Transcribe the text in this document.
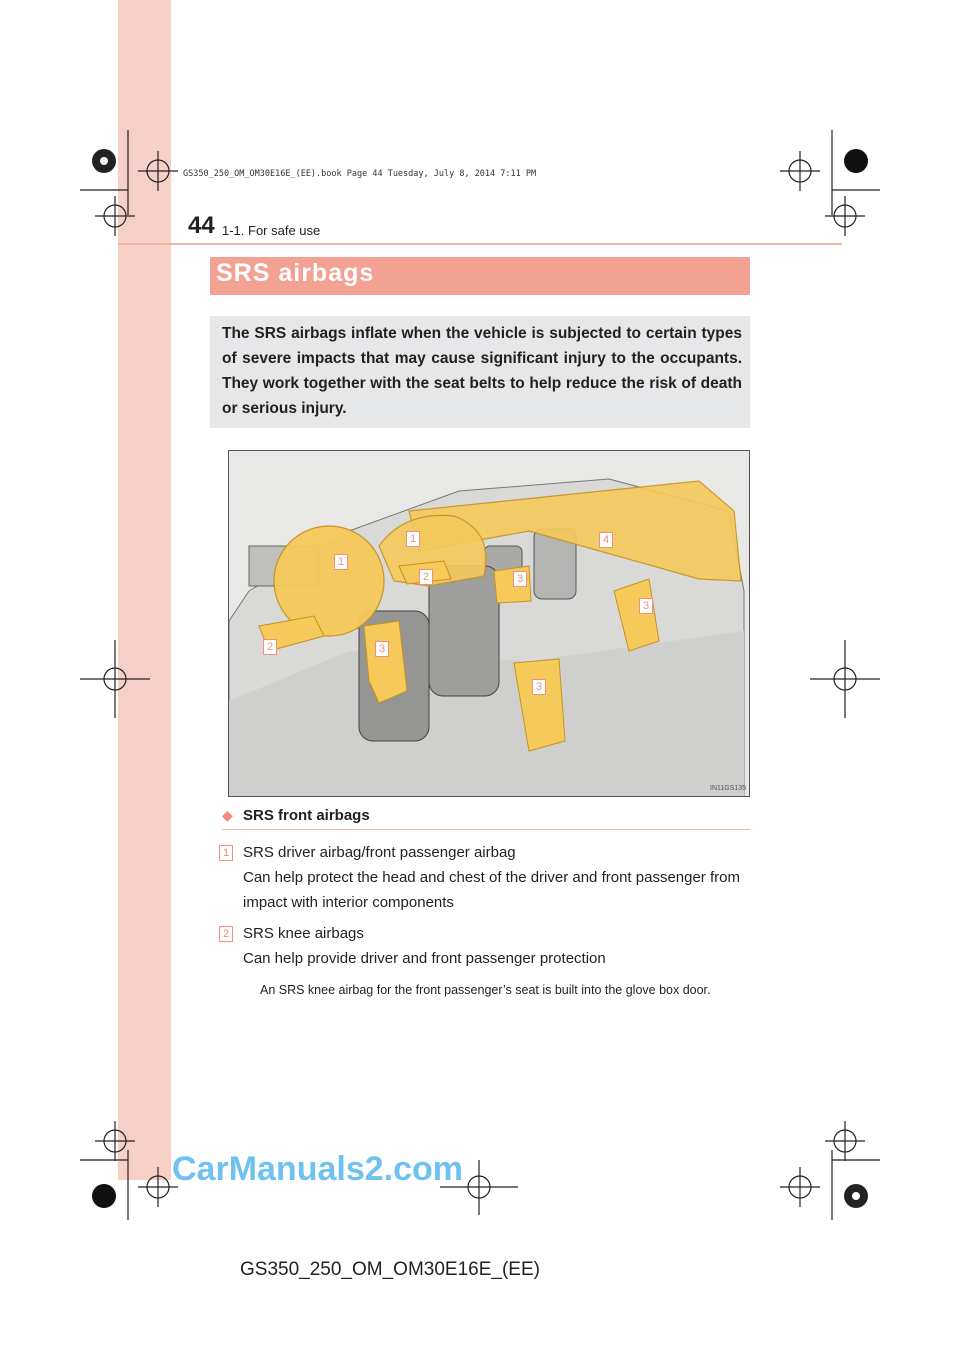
GS350_250_OM_OM30E16E_(EE).book Page 44 Tuesday, July 8, 2014 7:11 PM
44 1-1. For safe use
SRS airbags
The SRS airbags inflate when the vehicle is subjected to certain types of severe impacts that may cause significant injury to the occupants. They work together with the seat belts to help reduce the risk of death or serious injury.
1
1
2
2
3
3
3
3
4
IN11GS135
◆ SRS front airbags
1 SRS driver airbag/front passenger airbag
Can help protect the head and chest of the driver and front passenger from impact with interior components
2 SRS knee airbags
Can help provide driver and front passenger protection
An SRS knee airbag for the front passenger’s seat is built into the glove box door.
CarManuals2.com
GS350_250_OM_OM30E16E_(EE)
